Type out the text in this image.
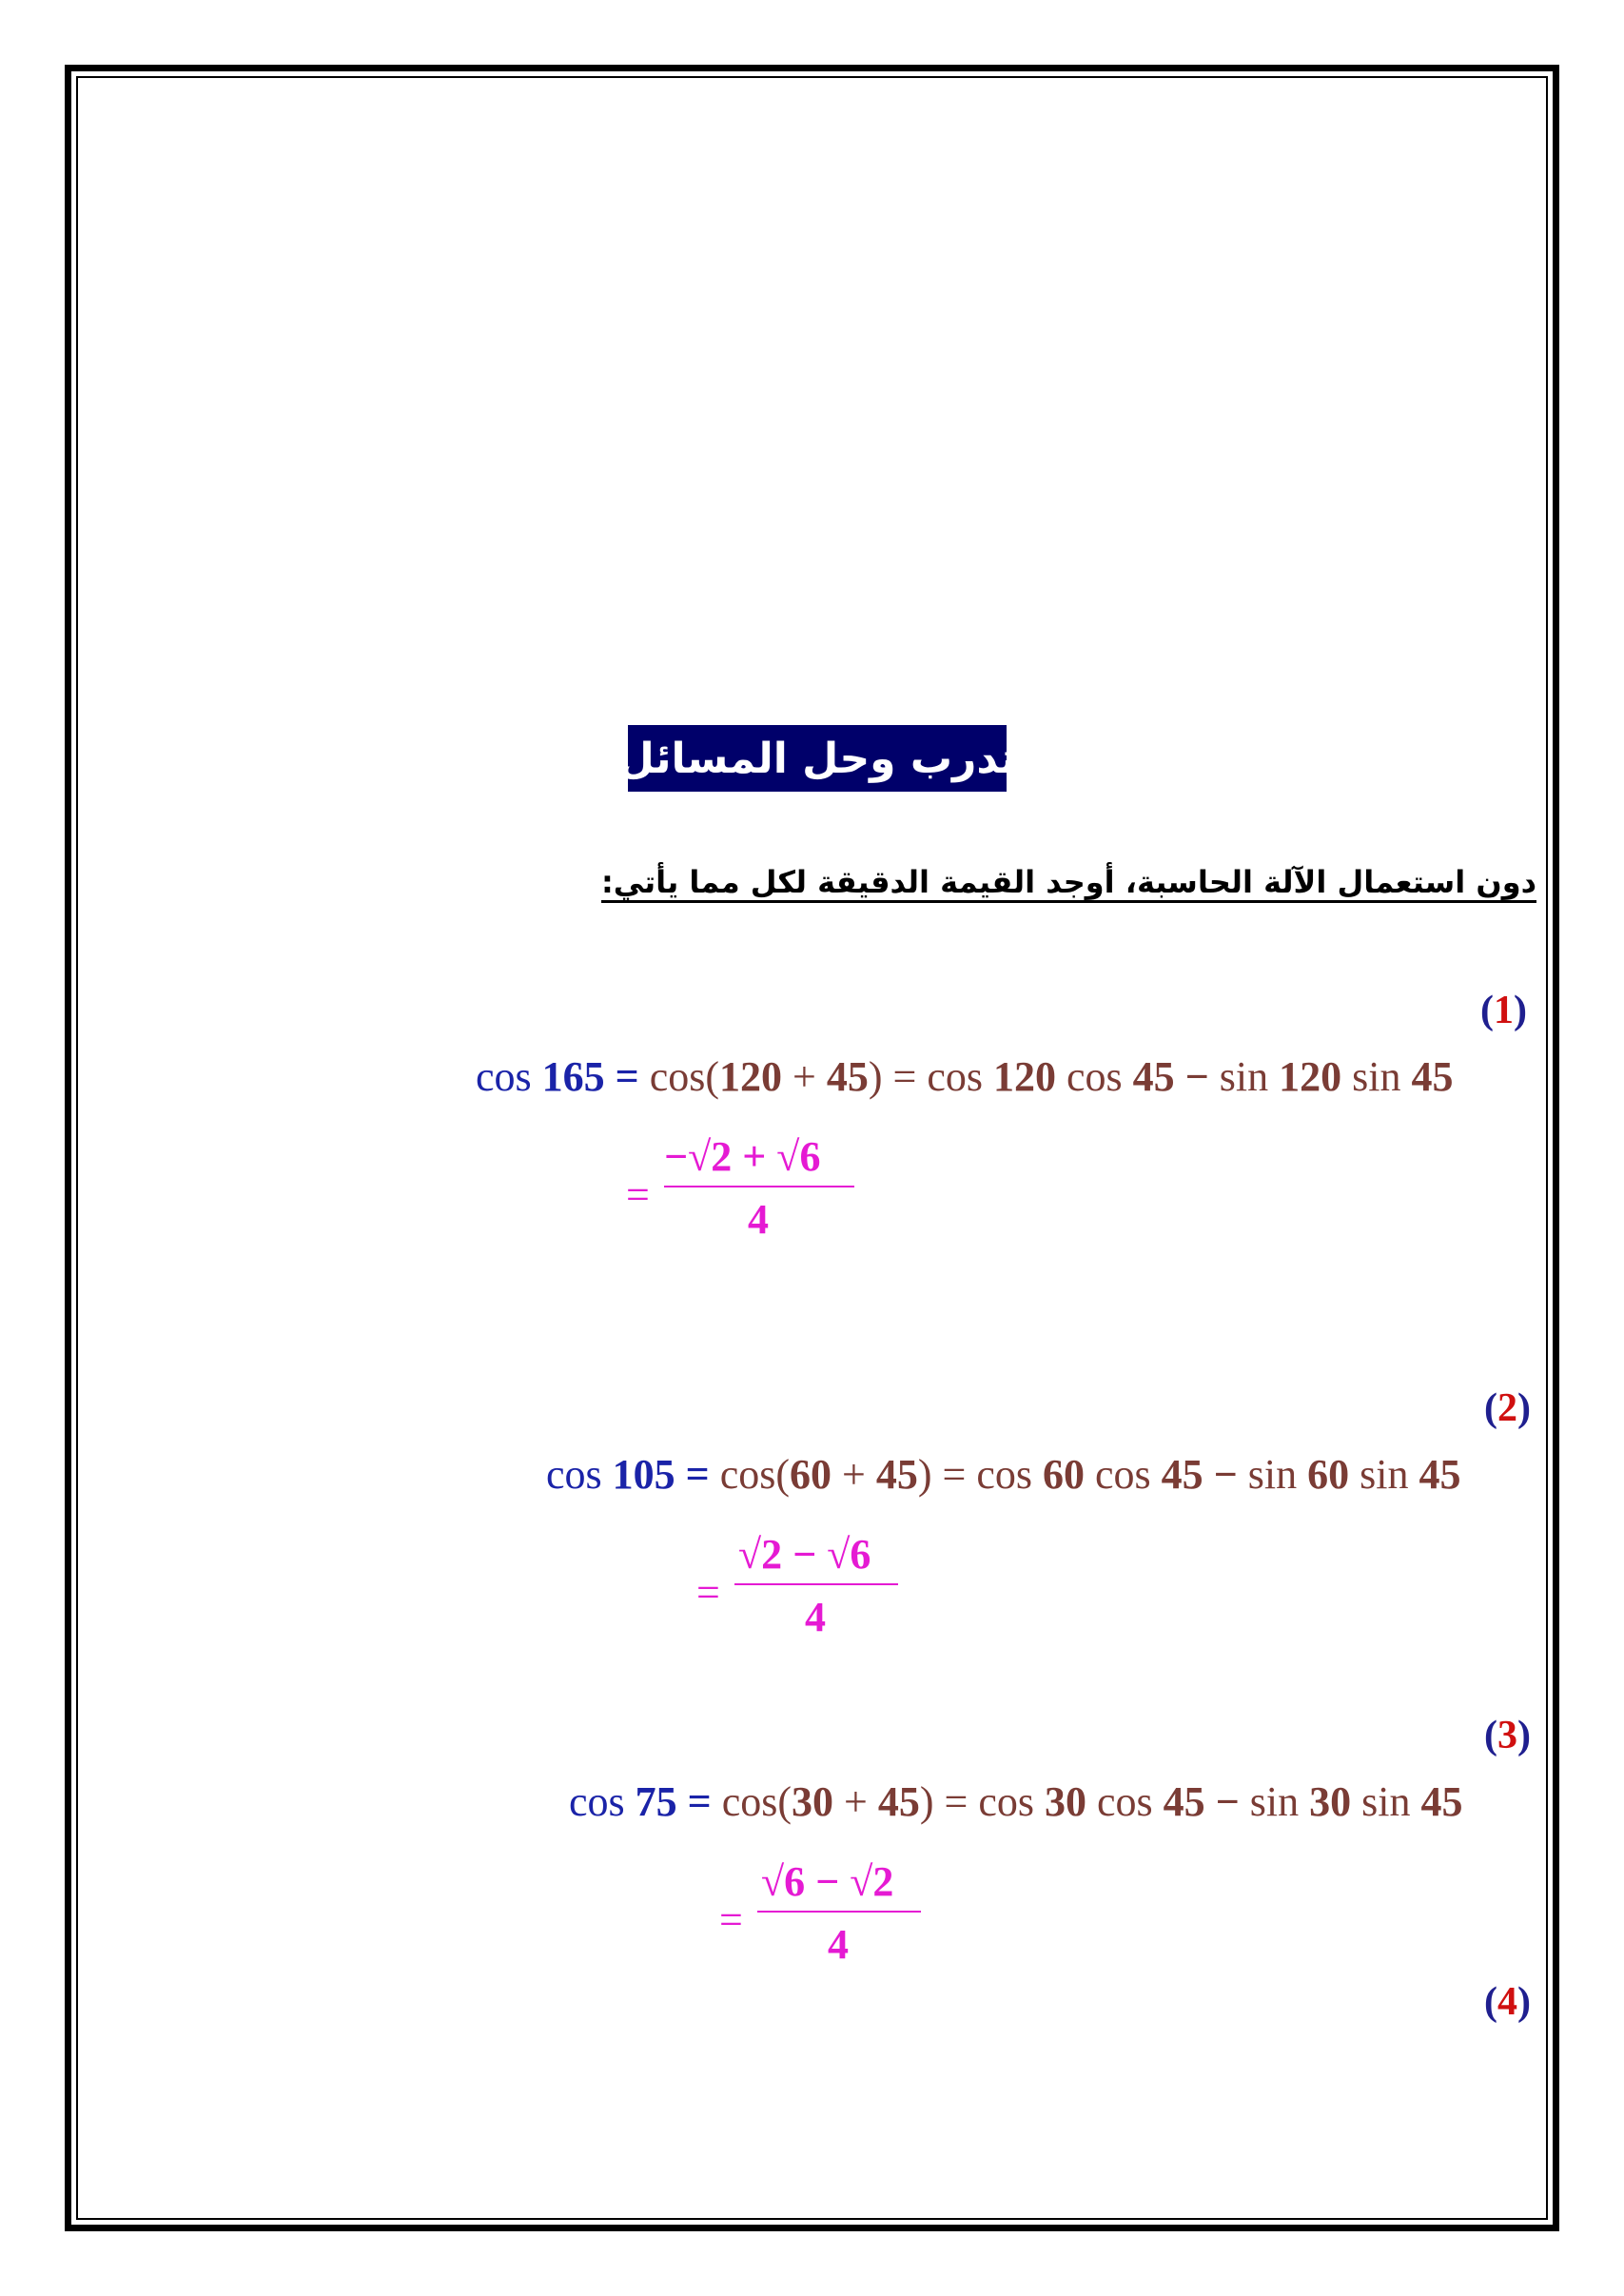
تدرب وحل المسائل
دون استعمال الآلة الحاسبة، أوجد القيمة الدقيقة لكل مما يأتي:
(1)
cos 165 = cos(120 + 45) = cos 120 cos 45 − sin 120 sin 45
=
−√2 + √6
4
(2)
cos 105 = cos(60 + 45) = cos 60 cos 45 − sin 60 sin 45
=
√2 − √6
4
(3)
cos 75 = cos(30 + 45) = cos 30 cos 45 − sin 30 sin 45
=
√6 − √2
4
(4)
